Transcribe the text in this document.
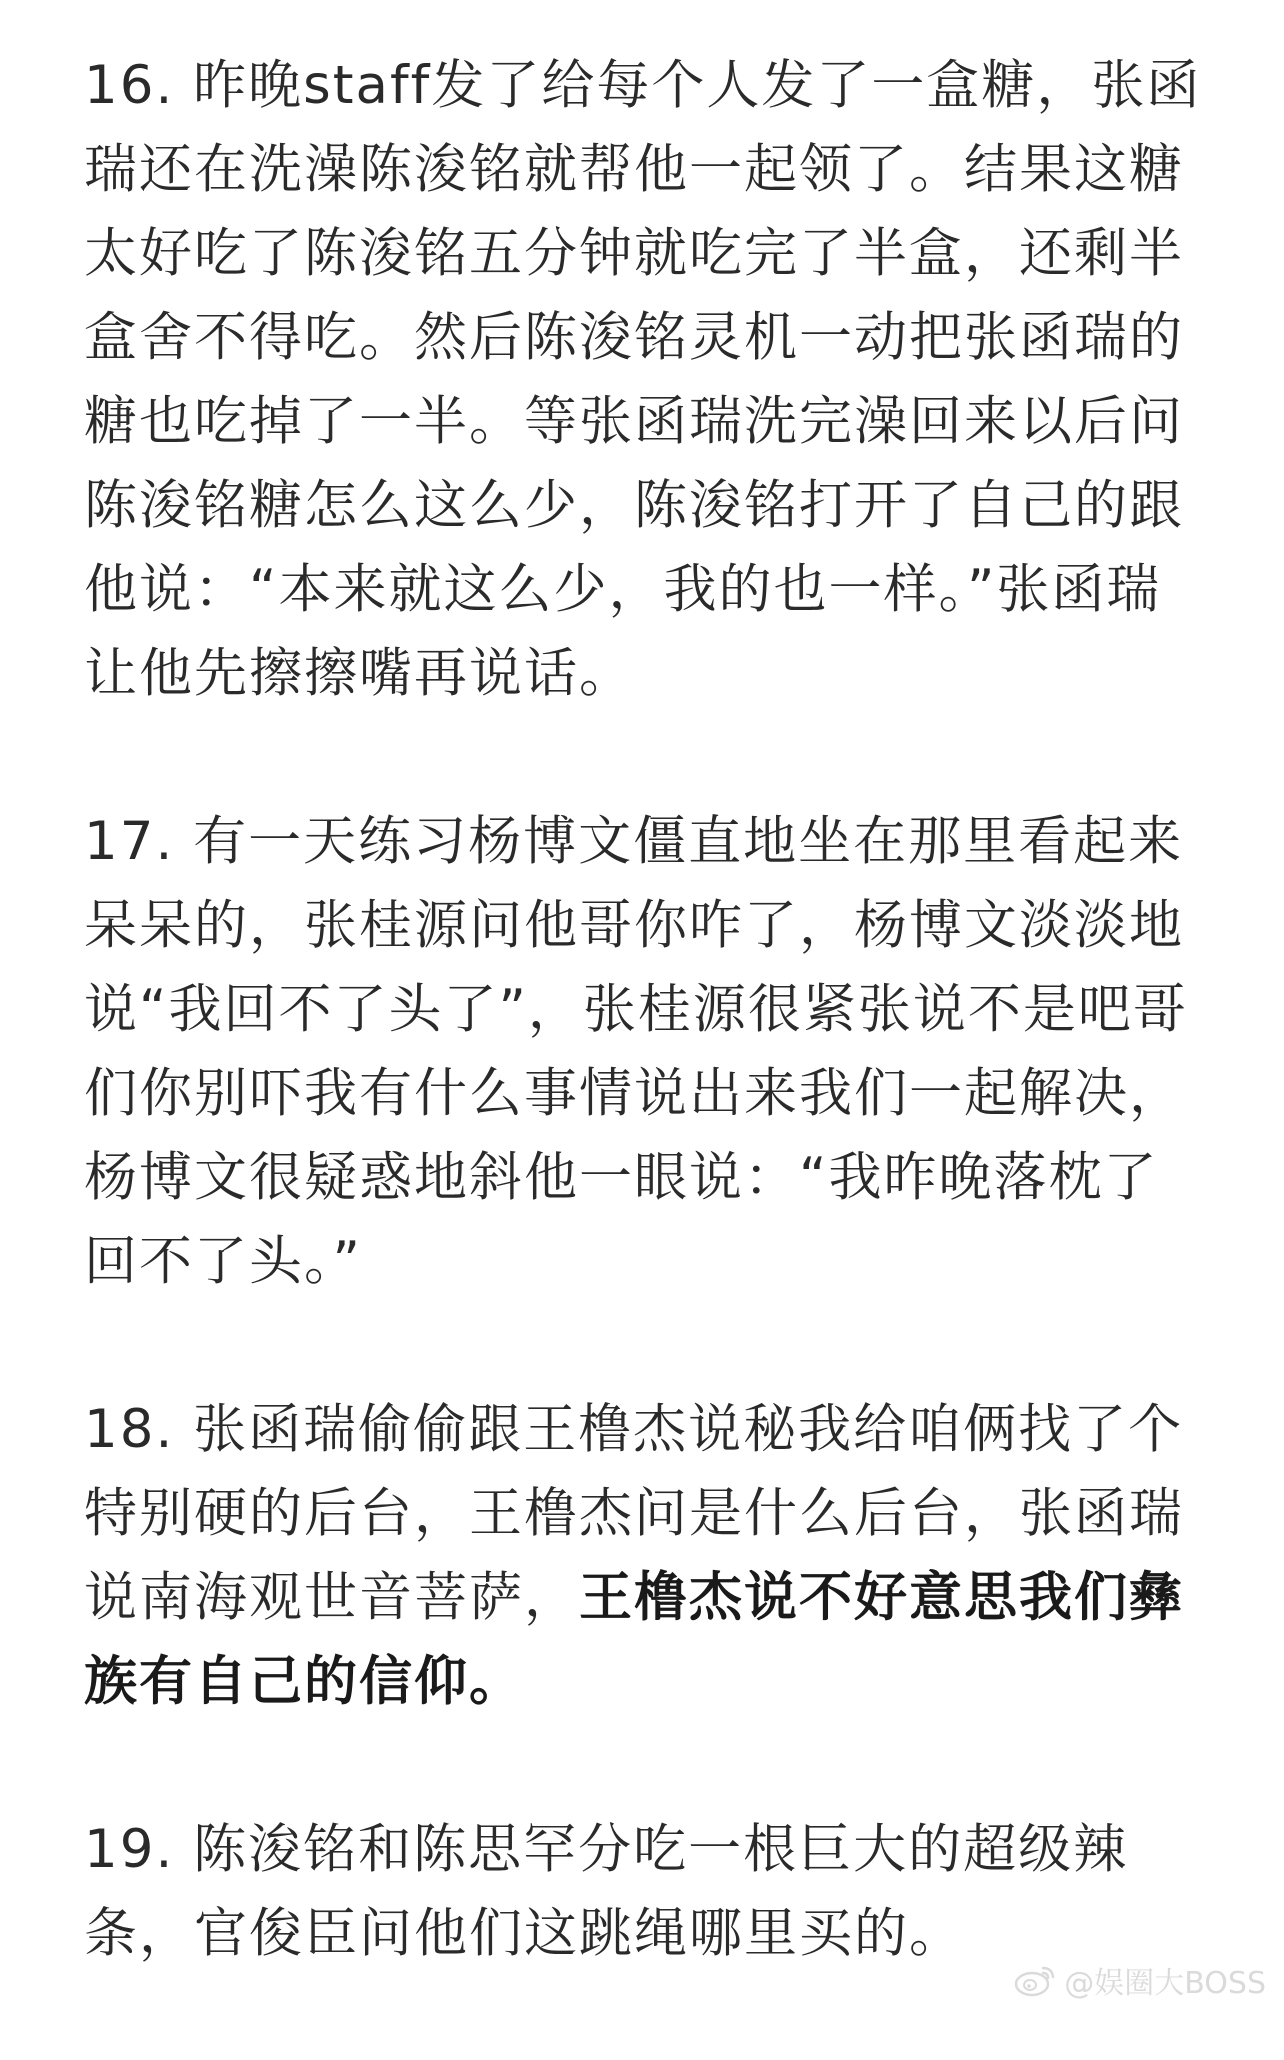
16. 昨晚staff发了给每个人发了一盒糖，张函瑞还在洗澡陈浚铭就帮他一起领了。结果这糖太好吃了陈浚铭五分钟就吃完了半盒，还剩半盒舍不得吃。然后陈浚铭灵机一动把张函瑞的糖也吃掉了一半。等张函瑞洗完澡回来以后问陈浚铭糖怎么这么少，陈浚铭打开了自己的跟他说：“本来就这么少，我的也一样。”张函瑞让他先擦擦嘴再说话。

17. 有一天练习杨博文僵直地坐在那里看起来呆呆的，张桂源问他哥你咋了，杨博文淡淡地说“我回不了头了”，张桂源很紧张说不是吧哥们你别吓我有什么事情说出来我们一起解决，杨博文很疑惑地斜他一眼说：“我昨晚落枕了回不了头。”

18. 张函瑞偷偷跟王橹杰说秘我给咱俩找了个特别硬的后台，王橹杰问是什么后台，张函瑞说南海观世音菩萨，王橹杰说不好意思我们彝族有自己的信仰。

19. 陈浚铭和陈思罕分吃一根巨大的超级辣条，官俊臣问他们这跳绳哪里买的。

@娱圈大BOSS
